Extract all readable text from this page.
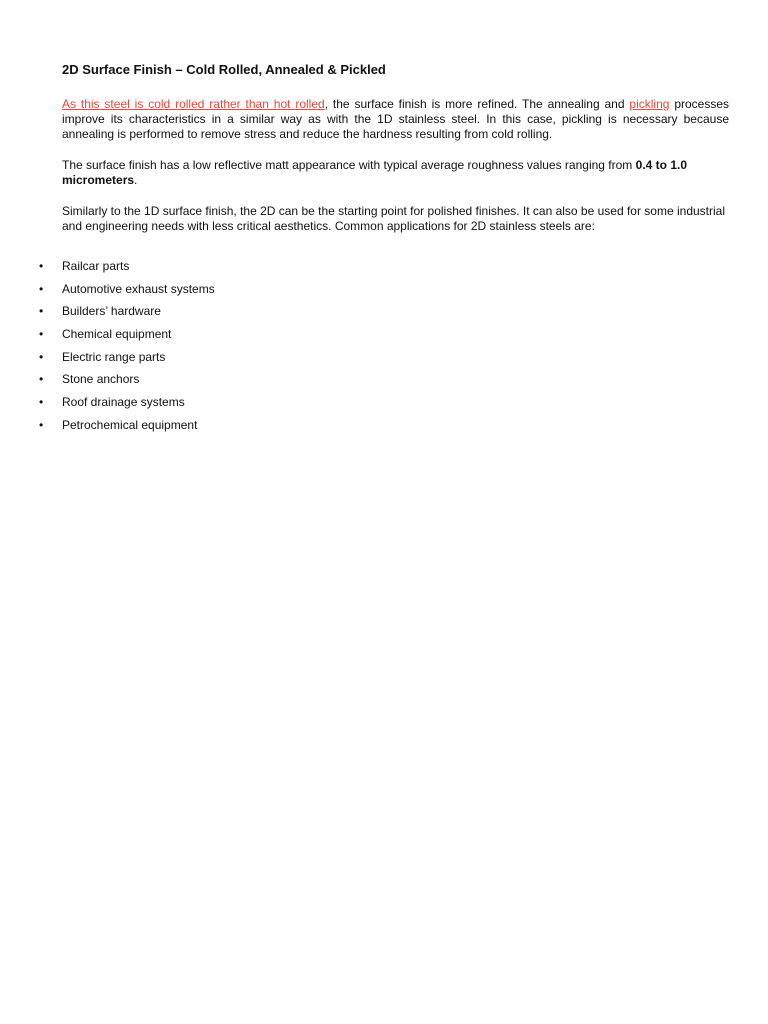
2D Surface Finish – Cold Rolled, Annealed & Pickled

As this steel is cold rolled rather than hot rolled, the surface finish is more refined. The annealing and pickling processes improve its characteristics in a similar way as with the 1D stainless steel. In this case, pickling is necessary because annealing is performed to remove stress and reduce the hardness resulting from cold rolling.

The surface finish has a low reflective matt appearance with typical average roughness values ranging from 0.4 to 1.0 micrometers.

Similarly to the 1D surface finish, the 2D can be the starting point for polished finishes. It can also be used for some industrial and engineering needs with less critical aesthetics. Common applications for 2D stainless steels are:

• Railcar parts
• Automotive exhaust systems
• Builders’ hardware
• Chemical equipment
• Electric range parts
• Stone anchors
• Roof drainage systems
• Petrochemical equipment
